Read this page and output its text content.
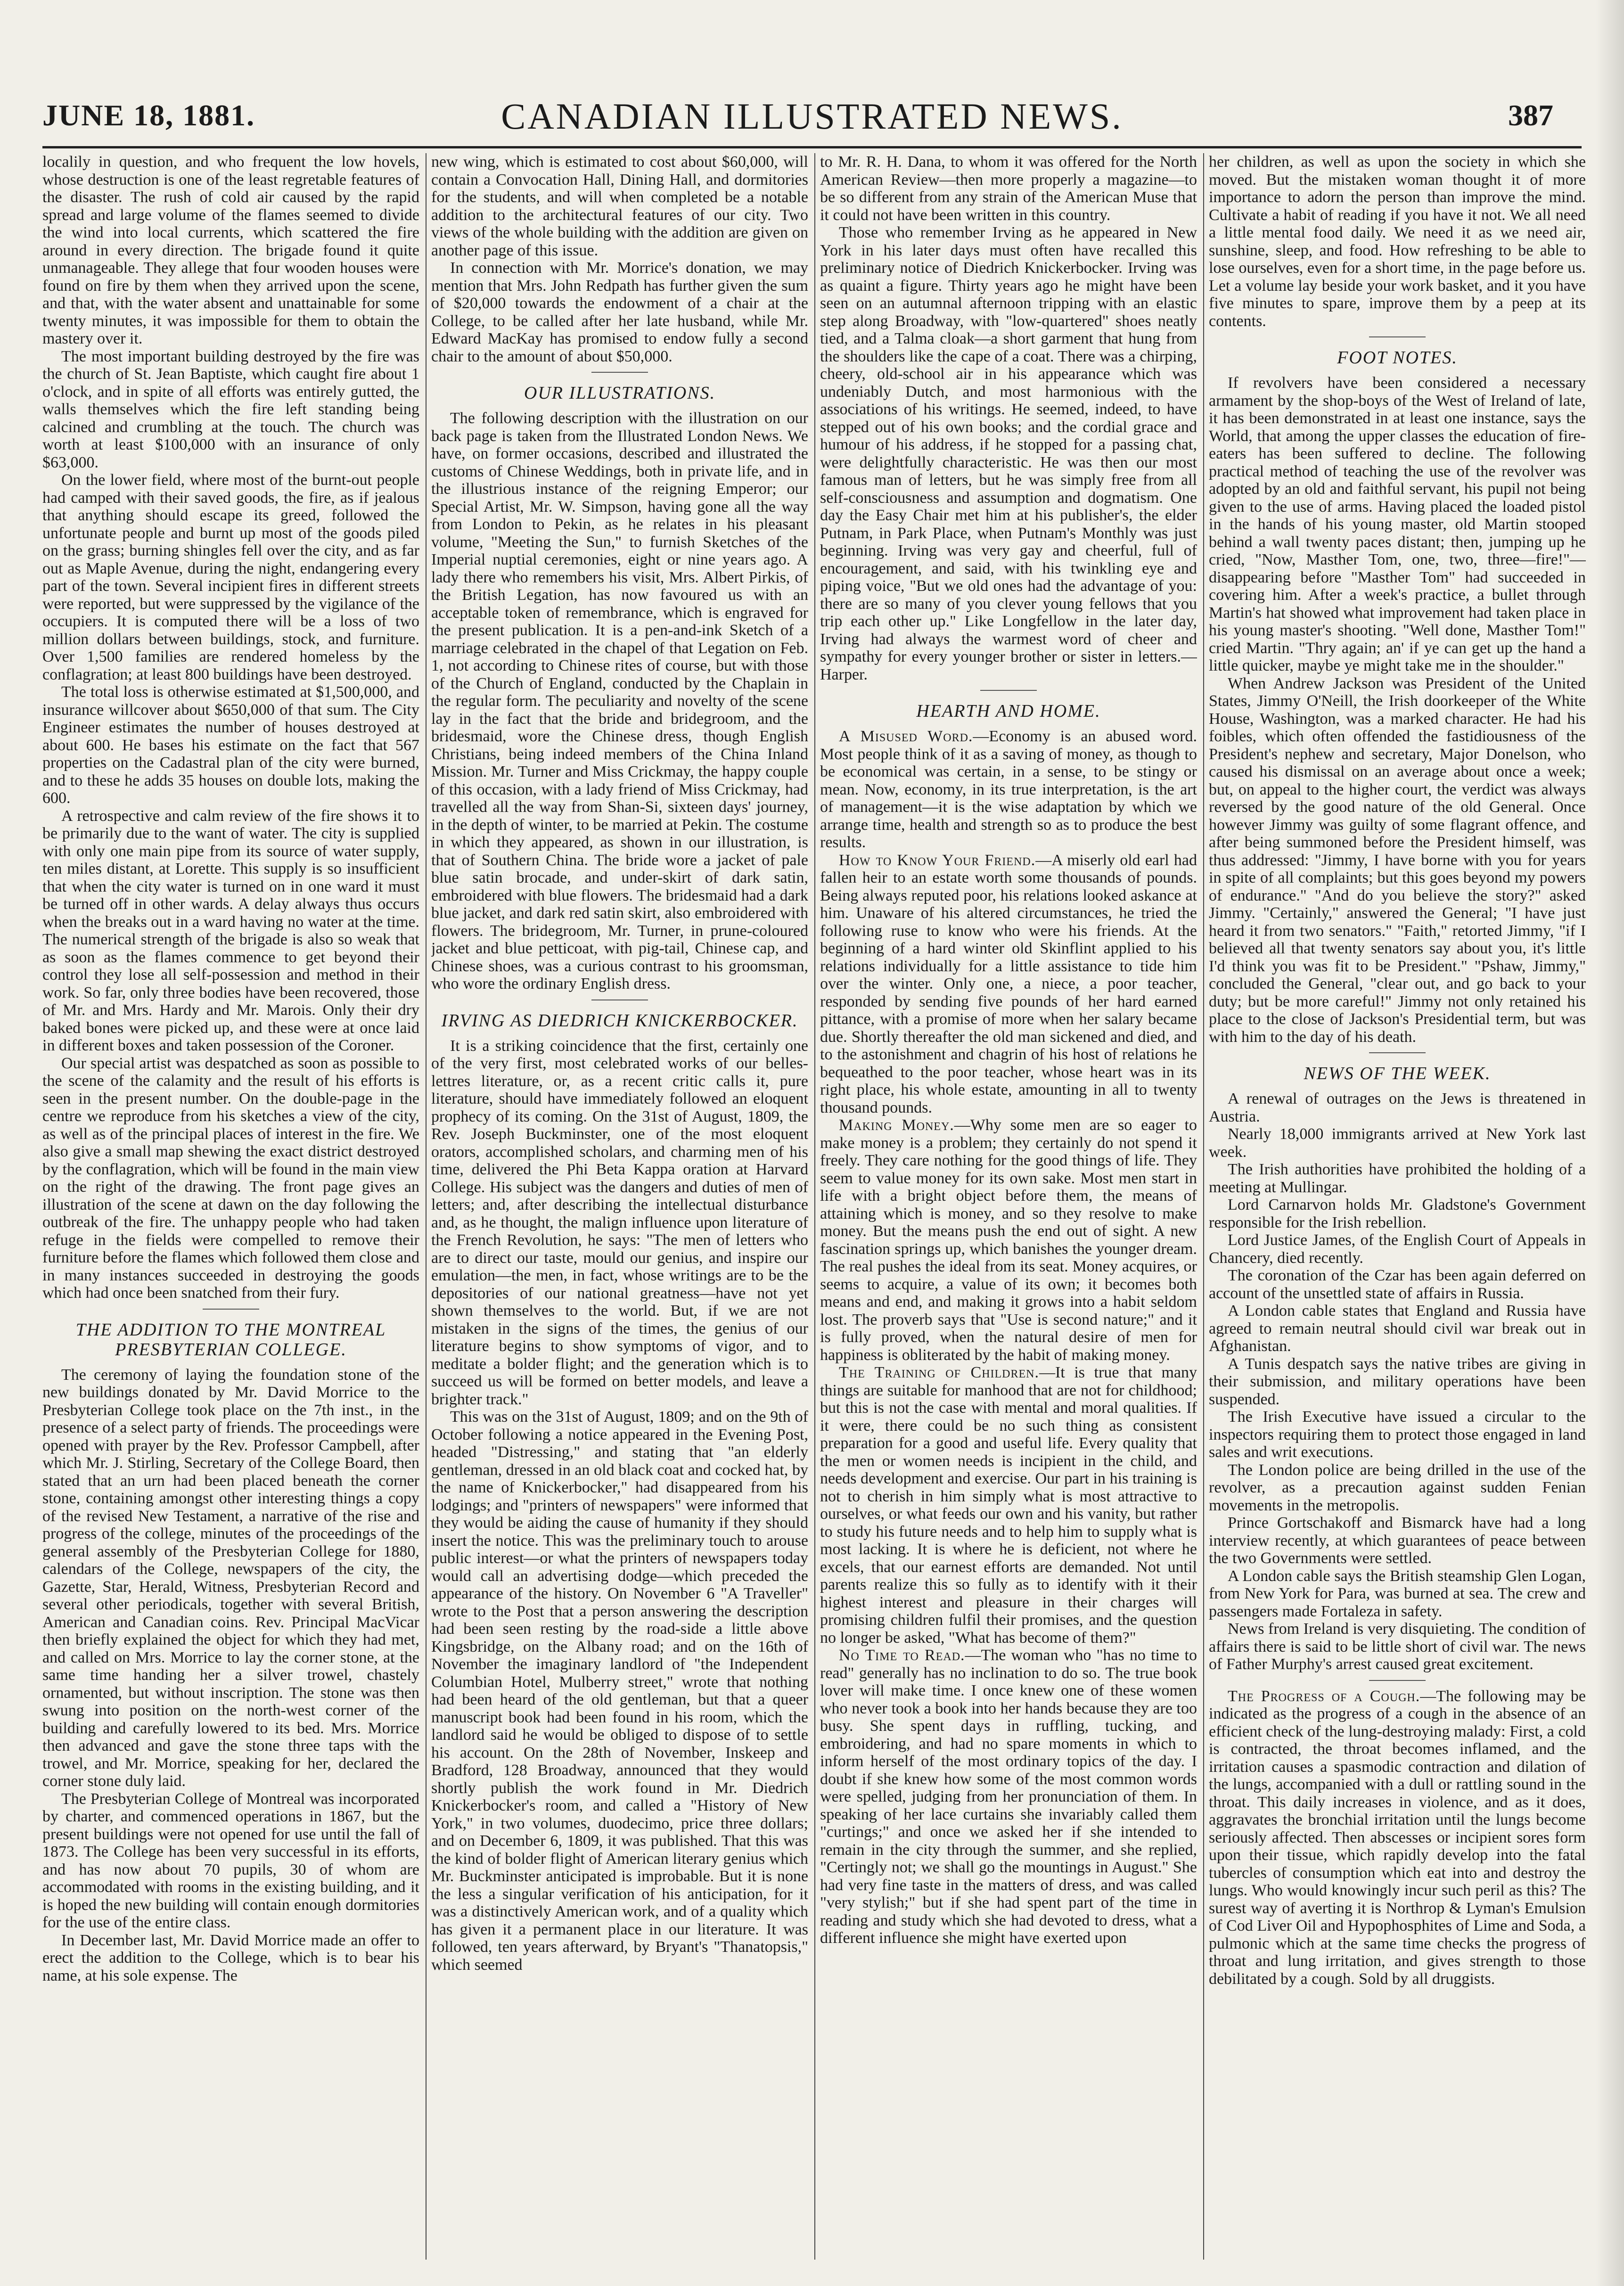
JUNE 18, 1881.	CANADIAN ILLUSTRATED NEWS.	387

localily in question, and who frequent the low hovels, whose destruction is one of the least regretable features of the disaster. The rush of cold air caused by the rapid spread and large volume of the flames seemed to divide the wind into local currents, which scattered the fire around in every direction. The brigade found it quite unmanageable. They allege that four wooden houses were found on fire by them when they arrived upon the scene, and that, with the water absent and unattainable for some twenty minutes, it was impossible for them to obtain the mastery over it.

The most important building destroyed by the fire was the church of St. Jean Baptiste, which caught fire about 1 o'clock, and in spite of all efforts was entirely gutted, the walls themselves which the fire left standing being calcined and crumbling at the touch. The church was worth at least $100,000 with an insurance of only $63,000.

On the lower field, where most of the burnt-out people had camped with their saved goods, the fire, as if jealous that anything should escape its greed, followed the unfortunate people and burnt up most of the goods piled on the grass; burning shingles fell over the city, and as far out as Maple Avenue, during the night, endangering every part of the town. Several incipient fires in different streets were reported, but were suppressed by the vigilance of the occupiers. It is computed there will be a loss of two million dollars between buildings, stock, and furniture. Over 1,500 families are rendered homeless by the conflagration; at least 800 buildings have been destroyed.

The total loss is otherwise estimated at $1,500,000, and insurance willcover about $650,000 of that sum. The City Engineer estimates the number of houses destroyed at about 600. He bases his estimate on the fact that 567 properties on the Cadastral plan of the city were burned, and to these he adds 35 houses on double lots, making the 600.

A retrospective and calm review of the fire shows it to be primarily due to the want of water. The city is supplied with only one main pipe from its source of water supply, ten miles distant, at Lorette. This supply is so insufficient that when the city water is turned on in one ward it must be turned off in other wards. A delay always thus occurs when the breaks out in a ward having no water at the time. The numerical strength of the brigade is also so weak that as soon as the flames commence to get beyond their control they lose all self-possession and method in their work. So far, only three bodies have been recovered, those of Mr. and Mrs. Hardy and Mr. Marois. Only their dry baked bones were picked up, and these were at once laid in different boxes and taken possession of the Coroner.

Our special artist was despatched as soon as possible to the scene of the calamity and the result of his efforts is seen in the present number. On the double-page in the centre we reproduce from his sketches a view of the city, as well as of the principal places of interest in the fire. We also give a small map shewing the exact district destroyed by the conflagration, which will be found in the main view on the right of the drawing. The front page gives an illustration of the scene at dawn on the day following the outbreak of the fire. The unhappy people who had taken refuge in the fields were compelled to remove their furniture before the flames which followed them close and in many instances succeeded in destroying the goods which had once been snatched from their fury.

THE ADDITION TO THE MONTREAL PRESBYTERIAN COLLEGE.

The ceremony of laying the foundation stone of the new buildings donated by Mr. David Morrice to the Presbyterian College took place on the 7th inst., in the presence of a select party of friends. The proceedings were opened with prayer by the Rev. Professor Campbell, after which Mr. J. Stirling, Secretary of the College Board, then stated that an urn had been placed beneath the corner stone, containing amongst other interesting things a copy of the revised New Testament, a narrative of the rise and progress of the college, minutes of the proceedings of the general assembly of the Presbyterian College for 1880, calendars of the College, newspapers of the city, the Gazette, Star, Herald, Witness, Presbyterian Record and several other periodicals, together with several British, American and Canadian coins. Rev. Principal MacVicar then briefly explained the object for which they had met, and called on Mrs. Morrice to lay the corner stone, at the same time handing her a silver trowel, chastely ornamented, but without inscription. The stone was then swung into position on the north-west corner of the building and carefully lowered to its bed. Mrs. Morrice then advanced and gave the stone three taps with the trowel, and Mr. Morrice, speaking for her, declared the corner stone duly laid.

The Presbyterian College of Montreal was incorporated by charter, and commenced operations in 1867, but the present buildings were not opened for use until the fall of 1873. The College has been very successful in its efforts, and has now about 70 pupils, 30 of whom are accommodated with rooms in the existing building, and it is hoped the new building will contain enough dormitories for the use of the entire class.

In December last, Mr. David Morrice made an offer to erect the addition to the College, which is to bear his name, at his sole expense. The

new wing, which is estimated to cost about $60,000, will contain a Convocation Hall, Dining Hall, and dormitories for the students, and will when completed be a notable addition to the architectural features of our city. Two views of the whole building with the addition are given on another page of this issue.

In connection with Mr. Morrice's donation, we may mention that Mrs. John Redpath has further given the sum of $20,000 towards the endowment of a chair at the College, to be called after her late husband, while Mr. Edward MacKay has promised to endow fully a second chair to the amount of about $50,000.

OUR ILLUSTRATIONS.

The following description with the illustration on our back page is taken from the Illustrated London News. We have, on former occasions, described and illustrated the customs of Chinese Weddings, both in private life, and in the illustrious instance of the reigning Emperor; our Special Artist, Mr. W. Simpson, having gone all the way from London to Pekin, as he relates in his pleasant volume, "Meeting the Sun," to furnish Sketches of the Imperial nuptial ceremonies, eight or nine years ago. A lady there who remembers his visit, Mrs. Albert Pirkis, of the British Legation, has now favoured us with an acceptable token of remembrance, which is engraved for the present publication. It is a pen-and-ink Sketch of a marriage celebrated in the chapel of that Legation on Feb. 1, not according to Chinese rites of course, but with those of the Church of England, conducted by the Chaplain in the regular form. The peculiarity and novelty of the scene lay in the fact that the bride and bridegroom, and the bridesmaid, wore the Chinese dress, though English Christians, being indeed members of the China Inland Mission. Mr. Turner and Miss Crickmay, the happy couple of this occasion, with a lady friend of Miss Crickmay, had travelled all the way from Shan-Si, sixteen days' journey, in the depth of winter, to be married at Pekin. The costume in which they appeared, as shown in our illustration, is that of Southern China. The bride wore a jacket of pale blue satin brocade, and under-skirt of dark satin, embroidered with blue flowers. The bridesmaid had a dark blue jacket, and dark red satin skirt, also embroidered with flowers. The bridegroom, Mr. Turner, in prune-coloured jacket and blue petticoat, with pig-tail, Chinese cap, and Chinese shoes, was a curious contrast to his groomsman, who wore the ordinary English dress.

IRVING AS DIEDRICH KNICKERBOCKER.

It is a striking coincidence that the first, certainly one of the very first, most celebrated works of our belles-lettres literature, or, as a recent critic calls it, pure literature, should have immediately followed an eloquent prophecy of its coming. On the 31st of August, 1809, the Rev. Joseph Buckminster, one of the most eloquent orators, accomplished scholars, and charming men of his time, delivered the Phi Beta Kappa oration at Harvard College. His subject was the dangers and duties of men of letters; and, after describing the intellectual disturbance and, as he thought, the malign influence upon literature of the French Revolution, he says: "The men of letters who are to direct our taste, mould our genius, and inspire our emulation—the men, in fact, whose writings are to be the depositories of our national greatness—have not yet shown themselves to the world. But, if we are not mistaken in the signs of the times, the genius of our literature begins to show symptoms of vigor, and to meditate a bolder flight; and the generation which is to succeed us will be formed on better models, and leave a brighter track."

This was on the 31st of August, 1809; and on the 9th of October following a notice appeared in the Evening Post, headed "Distressing," and stating that "an elderly gentleman, dressed in an old black coat and cocked hat, by the name of Knickerbocker," had disappeared from his lodgings; and "printers of newspapers" were informed that they would be aiding the cause of humanity if they should insert the notice. This was the preliminary touch to arouse public interest—or what the printers of newspapers today would call an advertising dodge—which preceded the appearance of the history. On November 6 "A Traveller" wrote to the Post that a person answering the description had been seen resting by the road-side a little above Kingsbridge, on the Albany road; and on the 16th of November the imaginary landlord of "the Independent Columbian Hotel, Mulberry street," wrote that nothing had been heard of the old gentleman, but that a queer manuscript book had been found in his room, which the landlord said he would be obliged to dispose of to settle his account. On the 28th of November, Inskeep and Bradford, 128 Broadway, announced that they would shortly publish the work found in Mr. Diedrich Knickerbocker's room, and called a "History of New York," in two volumes, duodecimo, price three dollars; and on December 6, 1809, it was published. That this was the kind of bolder flight of American literary genius which Mr. Buckminster anticipated is improbable. But it is none the less a singular verification of his anticipation, for it was a distinctively American work, and of a quality which has given it a permanent place in our literature. It was followed, ten years afterward, by Bryant's "Thanatopsis," which seemed

to Mr. R. H. Dana, to whom it was offered for the North American Review—then more properly a magazine—to be so different from any strain of the American Muse that it could not have been written in this country.

Those who remember Irving as he appeared in New York in his later days must often have recalled this preliminary notice of Diedrich Knickerbocker. Irving was as quaint a figure. Thirty years ago he might have been seen on an autumnal afternoon tripping with an elastic step along Broadway, with "low-quartered" shoes neatly tied, and a Talma cloak—a short garment that hung from the shoulders like the cape of a coat. There was a chirping, cheery, old-school air in his appearance which was undeniably Dutch, and most harmonious with the associations of his writings. He seemed, indeed, to have stepped out of his own books; and the cordial grace and humour of his address, if he stopped for a passing chat, were delightfully characteristic. He was then our most famous man of letters, but he was simply free from all self-consciousness and assumption and dogmatism. One day the Easy Chair met him at his publisher's, the elder Putnam, in Park Place, when Putnam's Monthly was just beginning. Irving was very gay and cheerful, full of encouragement, and said, with his twinkling eye and piping voice, "But we old ones had the advantage of you: there are so many of you clever young fellows that you trip each other up." Like Longfellow in the later day, Irving had always the warmest word of cheer and sympathy for every younger brother or sister in letters.—Harper.

HEARTH AND HOME.

A Misused Word.—Economy is an abused word. Most people think of it as a saving of money, as though to be economical was certain, in a sense, to be stingy or mean. Now, economy, in its true interpretation, is the art of management—it is the wise adaptation by which we arrange time, health and strength so as to produce the best results.

How to Know Your Friend.—A miserly old earl had fallen heir to an estate worth some thousands of pounds. Being always reputed poor, his relations looked askance at him. Unaware of his altered circumstances, he tried the following ruse to know who were his friends. At the beginning of a hard winter old Skinflint applied to his relations individually for a little assistance to tide him over the winter. Only one, a niece, a poor teacher, responded by sending five pounds of her hard earned pittance, with a promise of more when her salary became due. Shortly thereafter the old man sickened and died, and to the astonishment and chagrin of his host of relations he bequeathed to the poor teacher, whose heart was in its right place, his whole estate, amounting in all to twenty thousand pounds.

Making Money.—Why some men are so eager to make money is a problem; they certainly do not spend it freely. They care nothing for the good things of life. They seem to value money for its own sake. Most men start in life with a bright object before them, the means of attaining which is money, and so they resolve to make money. But the means push the end out of sight. A new fascination springs up, which banishes the younger dream. The real pushes the ideal from its seat. Money acquires, or seems to acquire, a value of its own; it becomes both means and end, and making it grows into a habit seldom lost. The proverb says that "Use is second nature;" and it is fully proved, when the natural desire of men for happiness is obliterated by the habit of making money.

The Training of Children.—It is true that many things are suitable for manhood that are not for childhood; but this is not the case with mental and moral qualities. If it were, there could be no such thing as consistent preparation for a good and useful life. Every quality that the men or women needs is incipient in the child, and needs development and exercise. Our part in his training is not to cherish in him simply what is most attractive to ourselves, or what feeds our own and his vanity, but rather to study his future needs and to help him to supply what is most lacking. It is where he is deficient, not where he excels, that our earnest efforts are demanded. Not until parents realize this so fully as to identify with it their highest interest and pleasure in their charges will promising children fulfil their promises, and the question no longer be asked, "What has become of them?"

No Time to Read.—The woman who "has no time to read" generally has no inclination to do so. The true book lover will make time. I once knew one of these women who never took a book into her hands because they are too busy. She spent days in ruffling, tucking, and embroidering, and had no spare moments in which to inform herself of the most ordinary topics of the day. I doubt if she knew how some of the most common words were spelled, judging from her pronunciation of them. In speaking of her lace curtains she invariably called them "curtings;" and once we asked her if she intended to remain in the city through the summer, and she replied, "Certingly not; we shall go the mountings in August." She had very fine taste in the matters of dress, and was called "very stylish;" but if she had spent part of the time in reading and study which she had devoted to dress, what a different influence she might have exerted upon

her children, as well as upon the society in which she moved. But the mistaken woman thought it of more importance to adorn the person than improve the mind. Cultivate a habit of reading if you have it not. We all need a little mental food daily. We need it as we need air, sunshine, sleep, and food. How refreshing to be able to lose ourselves, even for a short time, in the page before us. Let a volume lay beside your work basket, and it you have five minutes to spare, improve them by a peep at its contents.

FOOT NOTES.

If revolvers have been considered a necessary armament by the shop-boys of the West of Ireland of late, it has been demonstrated in at least one instance, says the World, that among the upper classes the education of fire-eaters has been suffered to decline. The following practical method of teaching the use of the revolver was adopted by an old and faithful servant, his pupil not being given to the use of arms. Having placed the loaded pistol in the hands of his young master, old Martin stooped behind a wall twenty paces distant; then, jumping up he cried, "Now, Masther Tom, one, two, three—fire!"—disappearing before "Masther Tom" had succeeded in covering him. After a week's practice, a bullet through Martin's hat showed what improvement had taken place in his young master's shooting. "Well done, Masther Tom!" cried Martin. "Thry again; an' if ye can get up the hand a little quicker, maybe ye might take me in the shoulder."

When Andrew Jackson was President of the United States, Jimmy O'Neill, the Irish doorkeeper of the White House, Washington, was a marked character. He had his foibles, which often offended the fastidiousness of the President's nephew and secretary, Major Donelson, who caused his dismissal on an average about once a week; but, on appeal to the higher court, the verdict was always reversed by the good nature of the old General. Once however Jimmy was guilty of some flagrant offence, and after being summoned before the President himself, was thus addressed: "Jimmy, I have borne with you for years in spite of all complaints; but this goes beyond my powers of endurance." "And do you believe the story?" asked Jimmy. "Certainly," answered the General; "I have just heard it from two senators." "Faith," retorted Jimmy, "if I believed all that twenty senators say about you, it's little I'd think you was fit to be President." "Pshaw, Jimmy," concluded the General, "clear out, and go back to your duty; but be more careful!" Jimmy not only retained his place to the close of Jackson's Presidential term, but was with him to the day of his death.

NEWS OF THE WEEK.

A renewal of outrages on the Jews is threatened in Austria.

Nearly 18,000 immigrants arrived at New York last week.

The Irish authorities have prohibited the holding of a meeting at Mullingar.

Lord Carnarvon holds Mr. Gladstone's Government responsible for the Irish rebellion.

Lord Justice James, of the English Court of Appeals in Chancery, died recently.

The coronation of the Czar has been again deferred on account of the unsettled state of affairs in Russia.

A London cable states that England and Russia have agreed to remain neutral should civil war break out in Afghanistan.

A Tunis despatch says the native tribes are giving in their submission, and military operations have been suspended.

The Irish Executive have issued a circular to the inspectors requiring them to protect those engaged in land sales and writ executions.

The London police are being drilled in the use of the revolver, as a precaution against sudden Fenian movements in the metropolis.

Prince Gortschakoff and Bismarck have had a long interview recently, at which guarantees of peace between the two Governments were settled.

A London cable says the British steamship Glen Logan, from New York for Para, was burned at sea. The crew and passengers made Fortaleza in safety.

News from Ireland is very disquieting. The condition of affairs there is said to be little short of civil war. The news of Father Murphy's arrest caused great excitement.

The Progress of a Cough.—The following may be indicated as the progress of a cough in the absence of an efficient check of the lung-destroying malady: First, a cold is contracted, the throat becomes inflamed, and the irritation causes a spasmodic contraction and dilation of the lungs, accompanied with a dull or rattling sound in the throat. This daily increases in violence, and as it does, aggravates the bronchial irritation until the lungs become seriously affected. Then abscesses or incipient sores form upon their tissue, which rapidly develop into the fatal tubercles of consumption which eat into and destroy the lungs. Who would knowingly incur such peril as this? The surest way of averting it is Northrop & Lyman's Emulsion of Cod Liver Oil and Hypophosphites of Lime and Soda, a pulmonic which at the same time checks the progress of throat and lung irritation, and gives strength to those debilitated by a cough. Sold by all druggists.
